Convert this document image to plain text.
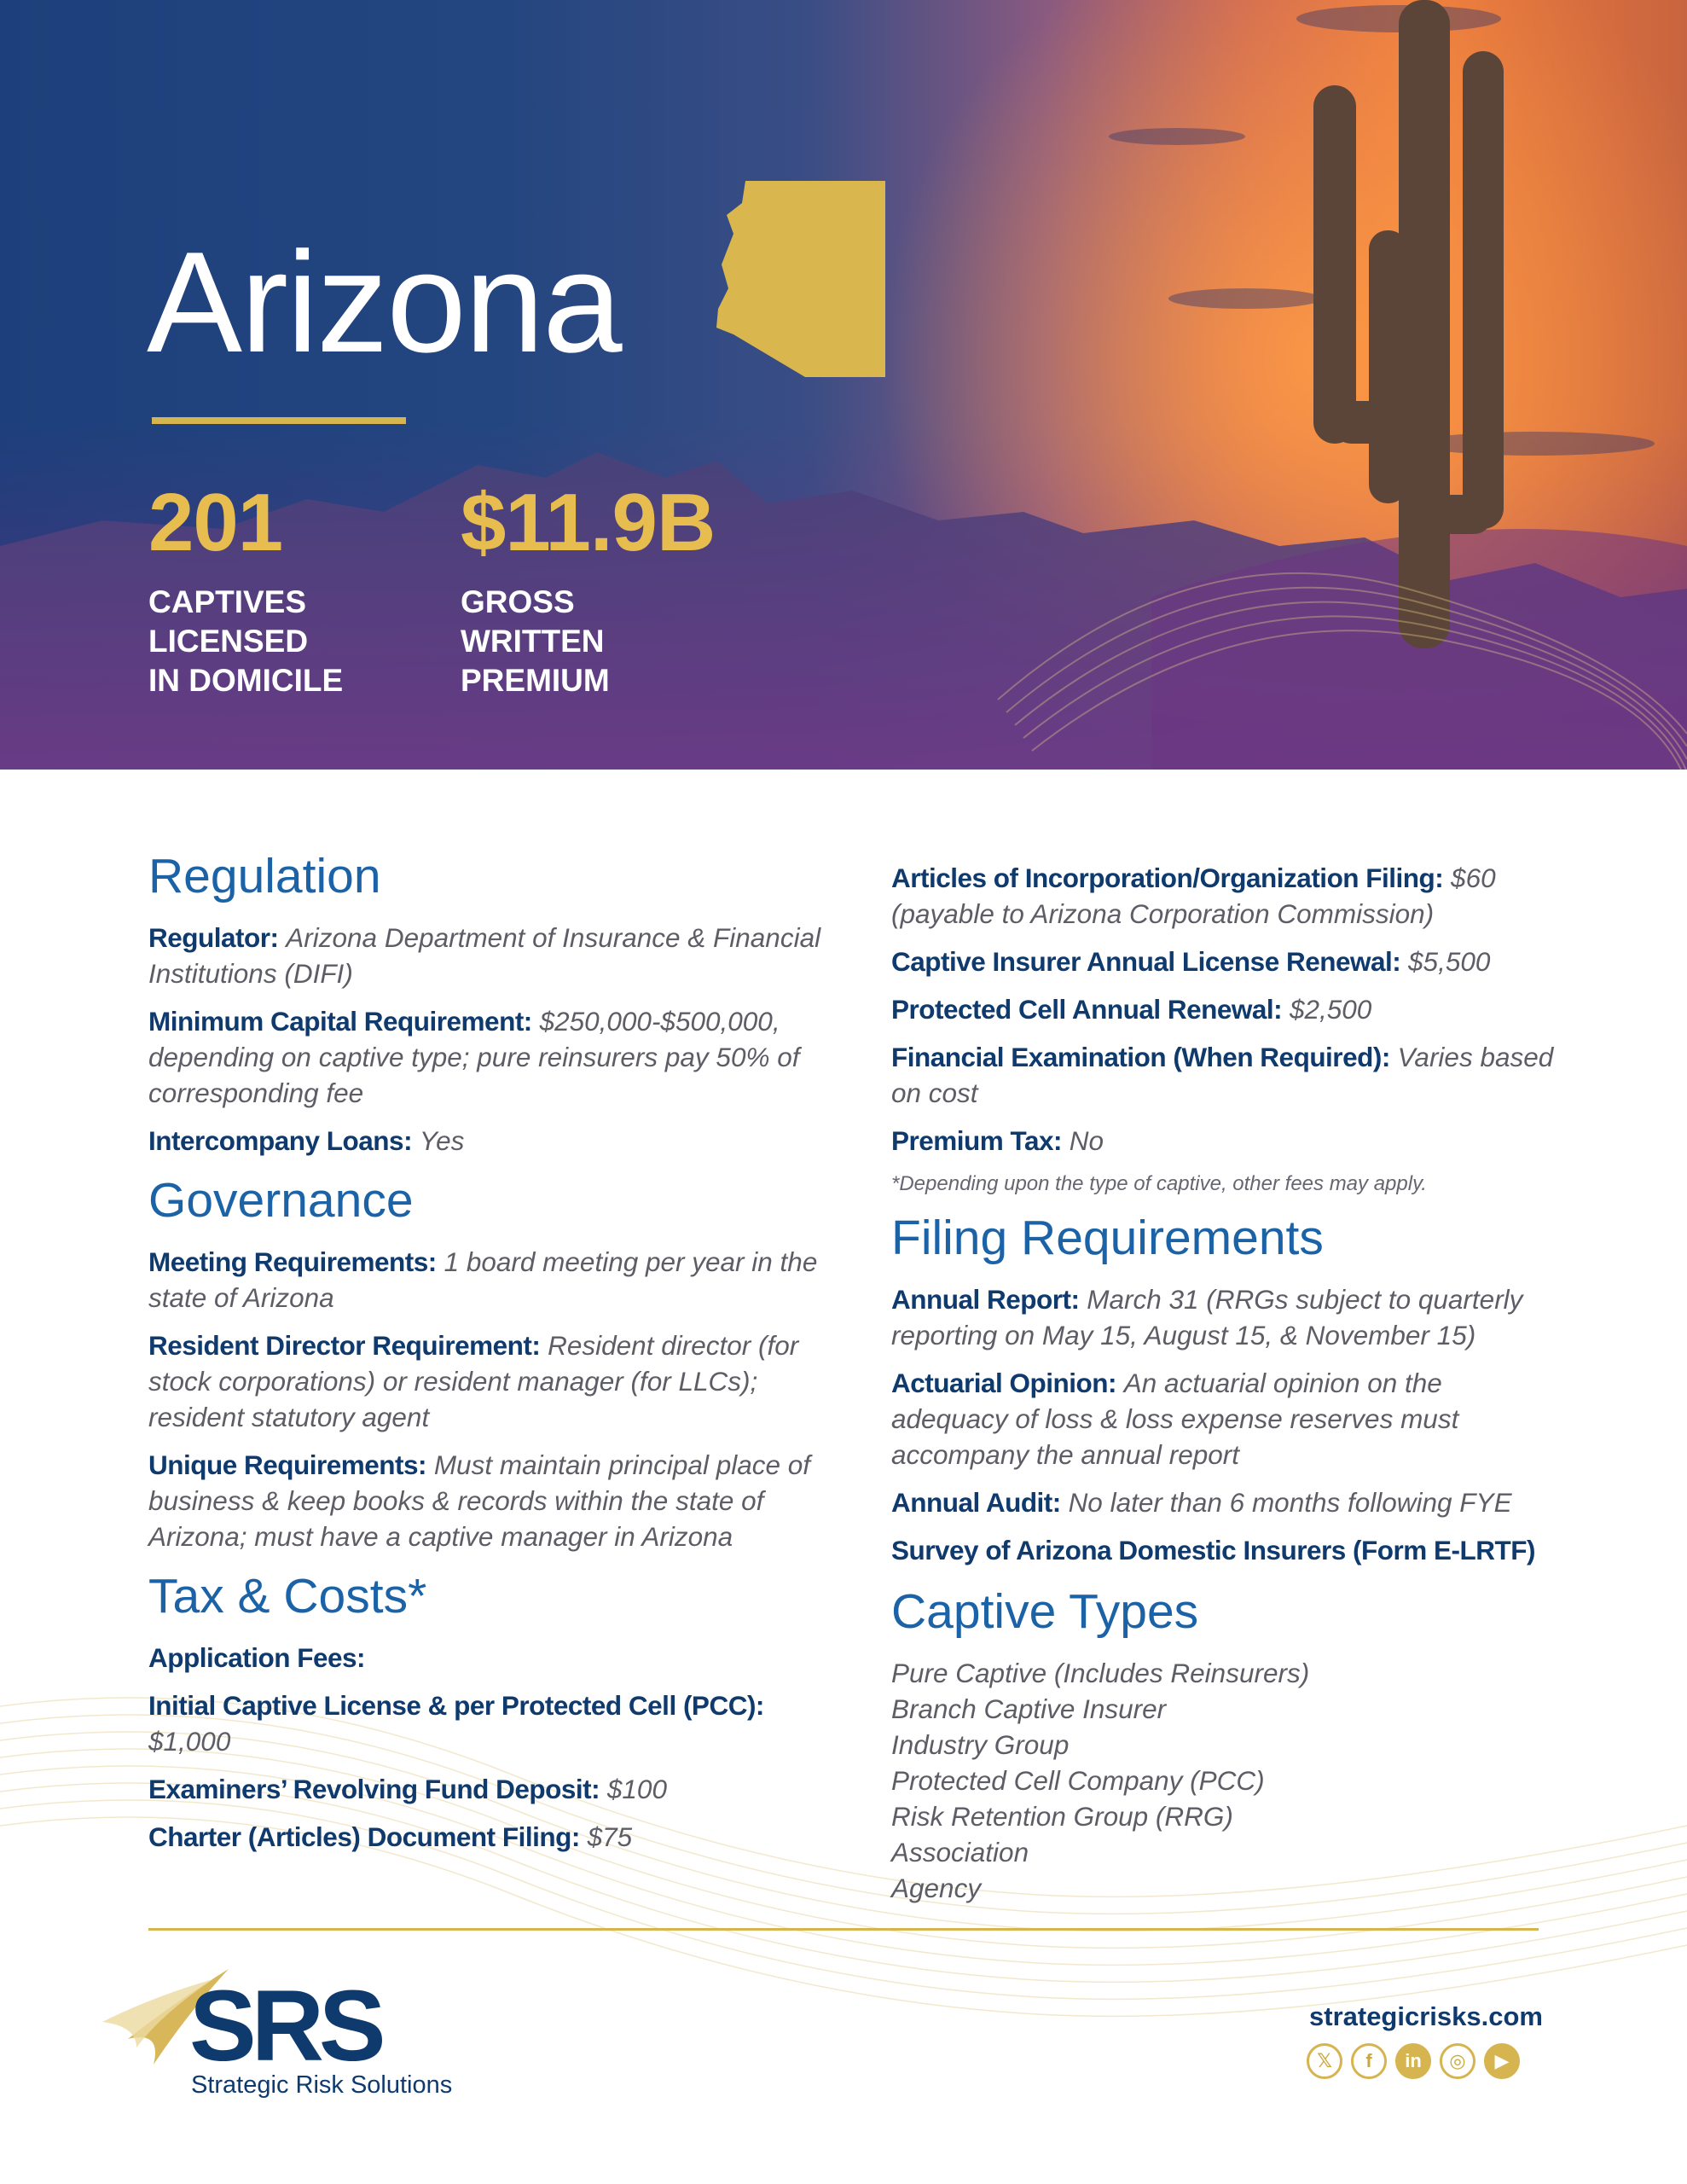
Arizona
201
CAPTIVES
LICENSED
IN DOMICILE
$11.9B
GROSS
WRITTEN
PREMIUM
Regulation

Regulator: Arizona Department of Insurance & Financial Institutions (DIFI)

Minimum Capital Requirement: $250,000-$500,000, depending on captive type; pure reinsurers pay 50% of corresponding fee

Intercompany Loans: Yes

Governance

Meeting Requirements: 1 board meeting per year in the state of Arizona

Resident Director Requirement: Resident director (for stock corporations) or resident manager (for LLCs); resident statutory agent

Unique Requirements: Must maintain principal place of business & keep books & records within the state of Arizona; must have a captive manager in Arizona

Tax & Costs*

Application Fees:

Initial Captive License & per Protected Cell (PCC): $1,000

Examiners’ Revolving Fund Deposit: $100

Charter (Articles) Document Filing: $75

Articles of Incorporation/Organization Filing: $60 (payable to Arizona Corporation Commission)

Captive Insurer Annual License Renewal: $5,500

Protected Cell Annual Renewal: $2,500

Financial Examination (When Required): Varies based on cost

Premium Tax: No

*Depending upon the type of captive, other fees may apply.

Filing Requirements

Annual Report: March 31 (RRGs subject to quarterly reporting on May 15, August 15, & November 15)

Actuarial Opinion: An actuarial opinion on the adequacy of loss & loss expense reserves must accompany the annual report

Annual Audit: No later than 6 months following FYE

Survey of Arizona Domestic Insurers (Form E-LRTF)

Captive Types
Pure Captive (Includes Reinsurers)
Branch Captive Insurer
Industry Group
Protected Cell Company (PCC)
Risk Retention Group (RRG)
Association
Agency
SRS
Strategic Risk Solutions
strategicrisks.com
𝕏	f	in	◎	▶
